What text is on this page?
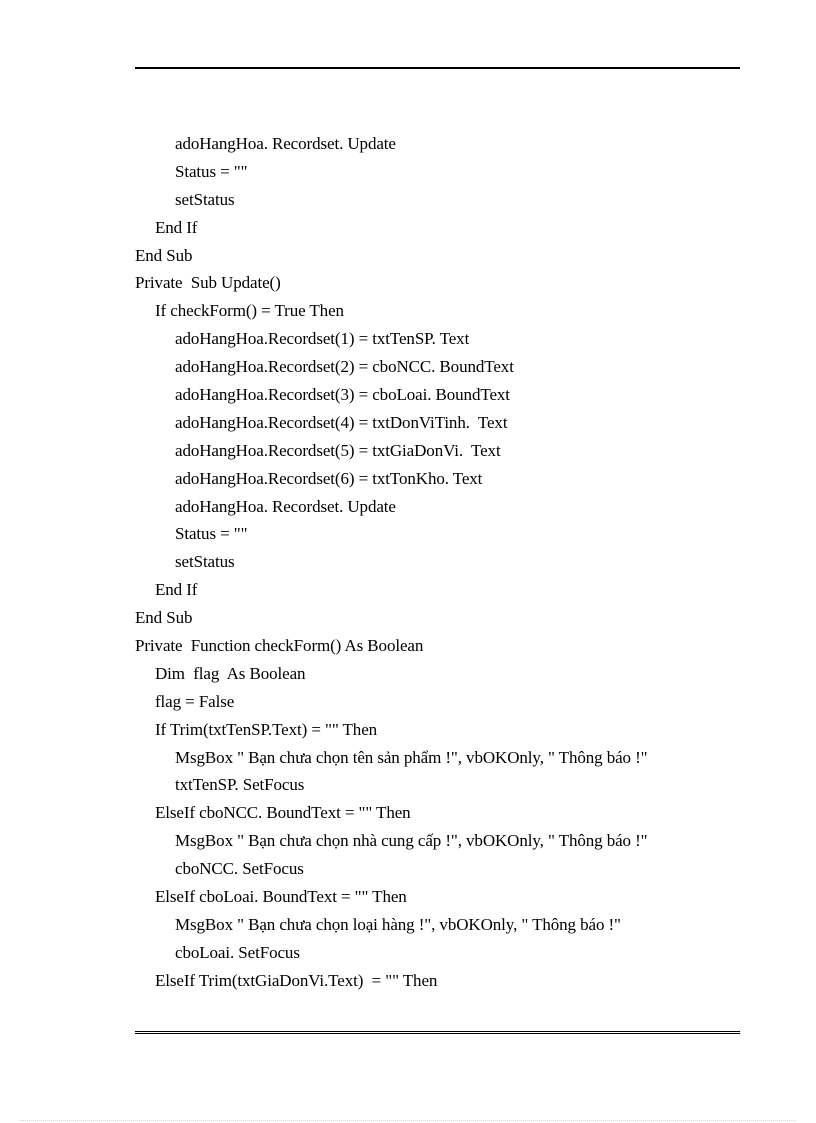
adoHangHoa. Recordset. Update
Status = ""
setStatus
End If
End Sub
Private  Sub Update()
If checkForm() = True Then
adoHangHoa.Recordset(1) = txtTenSP. Text
adoHangHoa.Recordset(2) = cboNCC. BoundText
adoHangHoa.Recordset(3) = cboLoai. BoundText
adoHangHoa.Recordset(4) = txtDonViTinh.  Text
adoHangHoa.Recordset(5) = txtGiaDonVi.  Text
adoHangHoa.Recordset(6) = txtTonKho. Text
adoHangHoa. Recordset. Update
Status = ""
setStatus
End If
End Sub
Private  Function checkForm() As Boolean
Dim  flag  As Boolean
flag = False
If Trim(txtTenSP.Text) = "" Then
MsgBox " Bạn chưa chọn tên sản phẩm !", vbOKOnly, " Thông báo !"
txtTenSP. SetFocus
ElseIf cboNCC. BoundText = "" Then
MsgBox " Bạn chưa chọn nhà cung cấp !", vbOKOnly, " Thông báo !"
cboNCC. SetFocus
ElseIf cboLoai. BoundText = "" Then
MsgBox " Bạn chưa chọn loại hàng !", vbOKOnly, " Thông báo !"
cboLoai. SetFocus
ElseIf Trim(txtGiaDonVi.Text)  = "" Then
